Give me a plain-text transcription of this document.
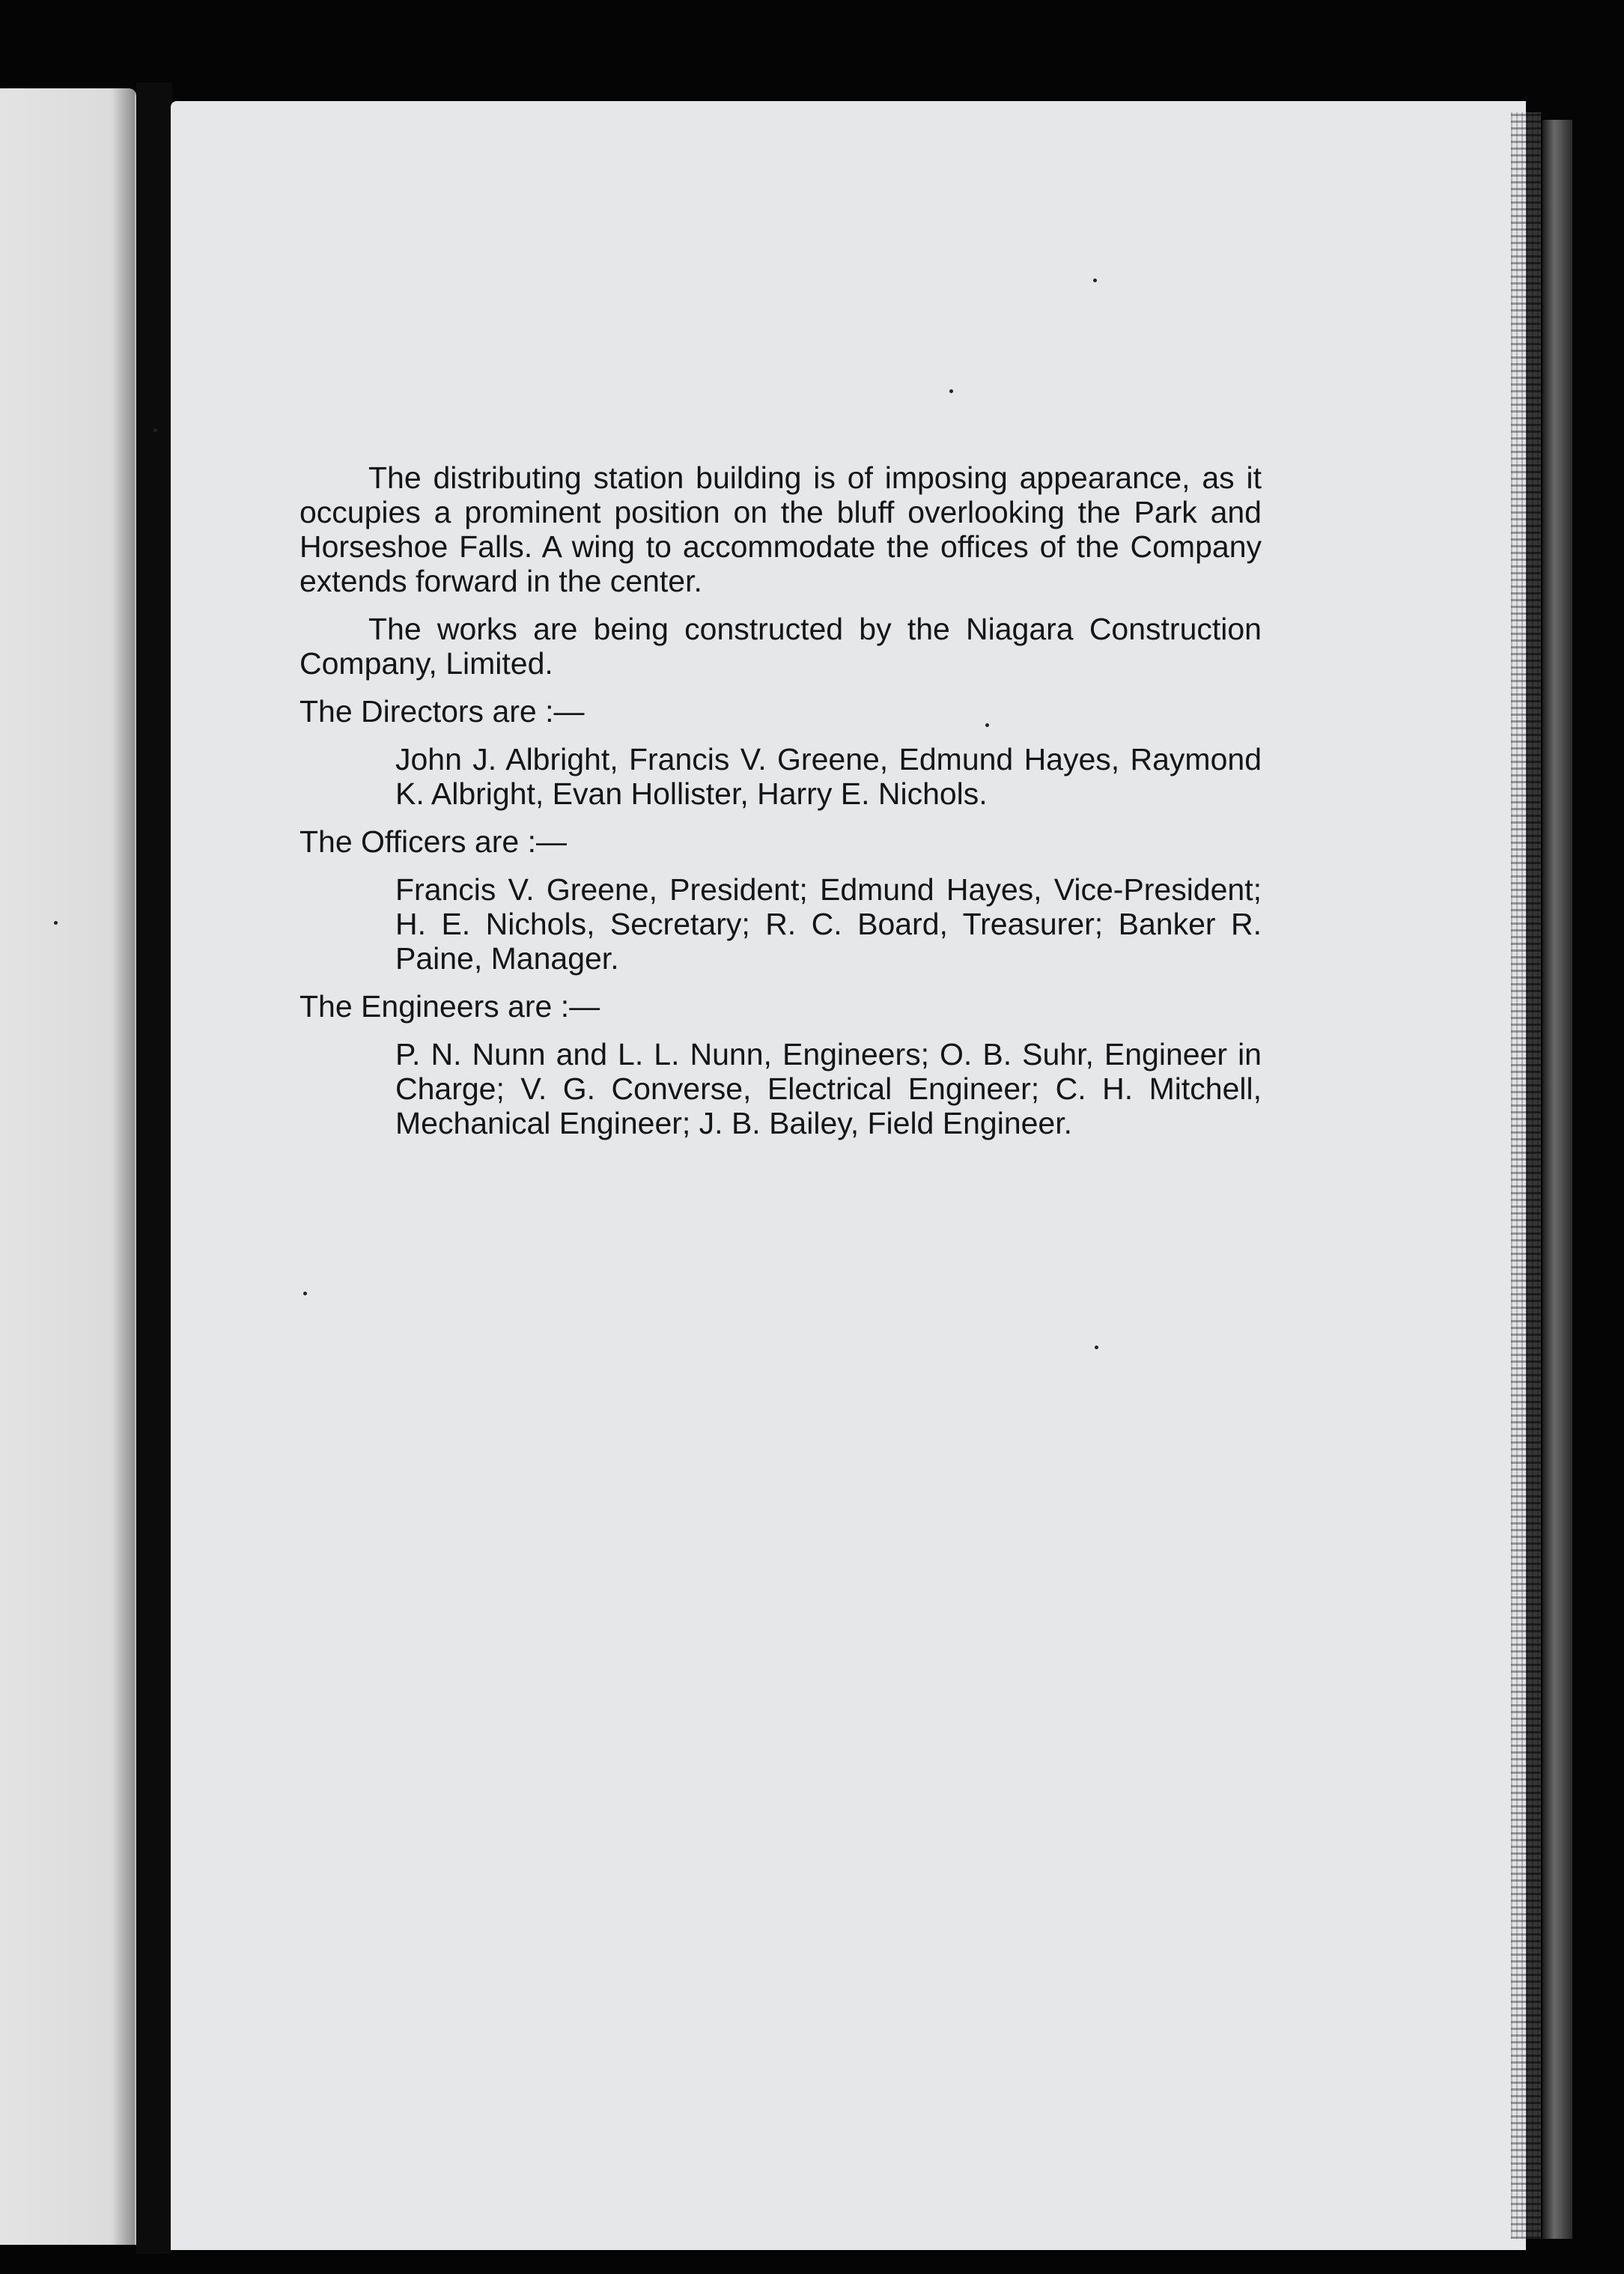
The distributing station building is of imposing appearance, as it occupies a prominent position on the bluff overlooking the Park and Horseshoe Falls. A wing to accommodate the offices of the Company extends forward in the center.

The works are being constructed by the Niagara Construction Company, Limited.

The Directors are :—

John J. Albright, Francis V. Greene, Edmund Hayes, Raymond K. Albright, Evan Hollister, Harry E. Nichols.

The Officers are :—

Francis V. Greene, President; Edmund Hayes, Vice-President; H. E. Nichols, Secretary; R. C. Board, Treasurer; Banker R. Paine, Manager.

The Engineers are :—

P. N. Nunn and L. L. Nunn, Engineers; O. B. Suhr, Engineer in Charge; V. G. Converse, Electrical Engineer; C. H. Mitchell, Mechanical Engineer; J. B. Bailey, Field Engineer.
